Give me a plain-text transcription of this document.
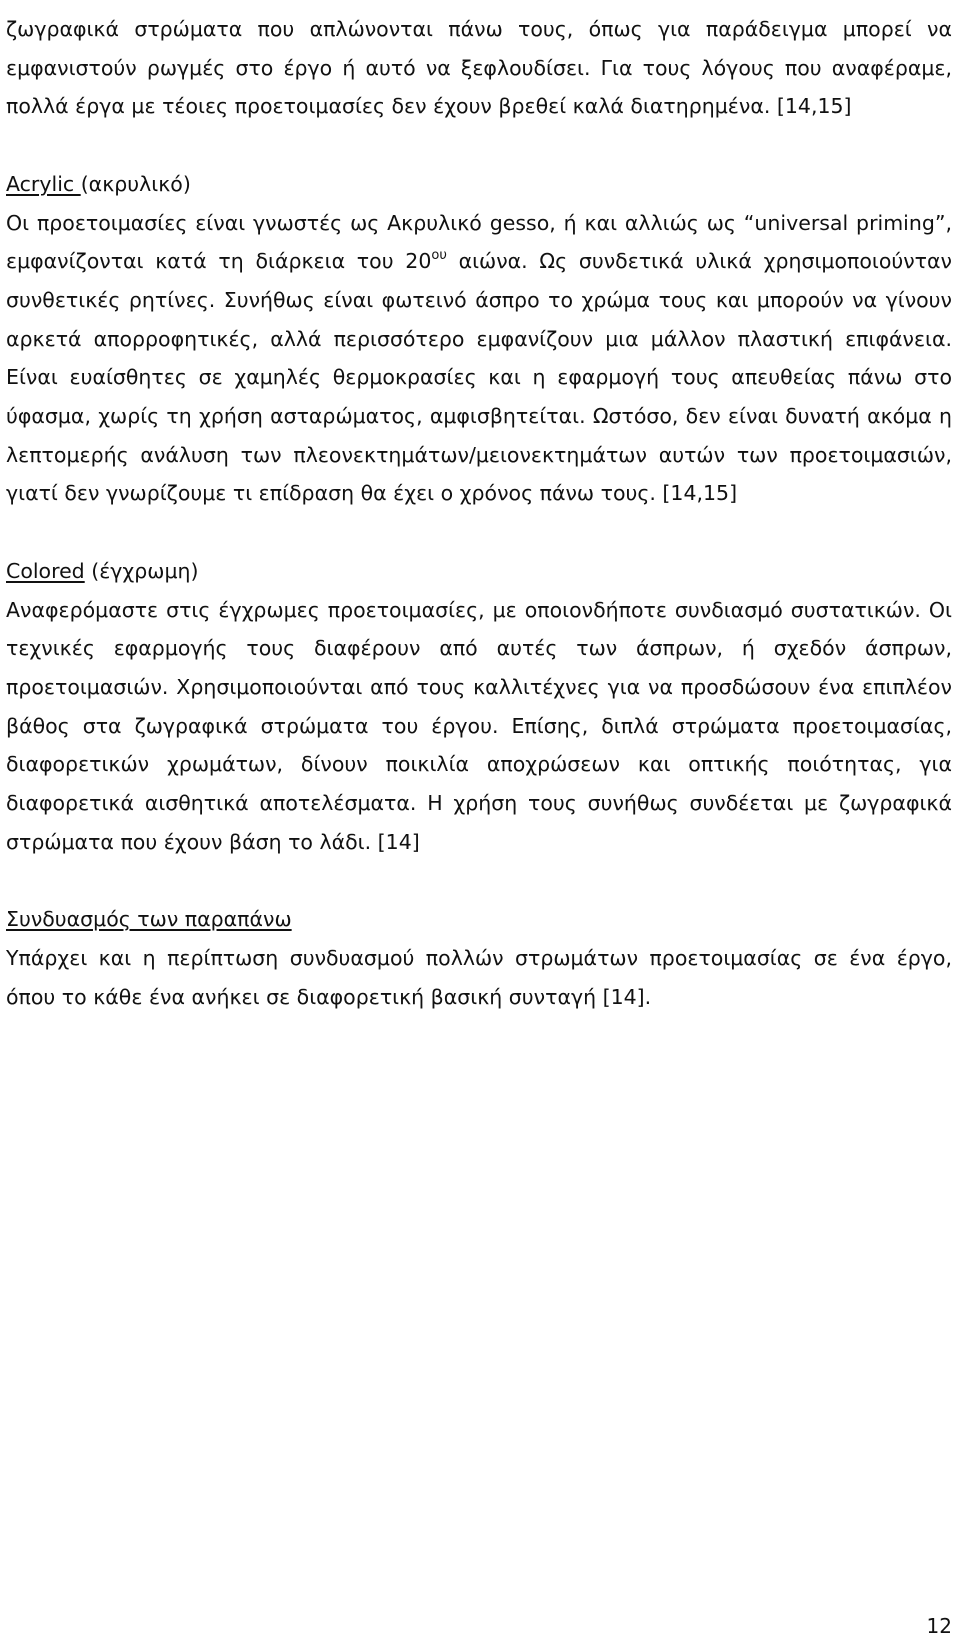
ζωγραφικά στρώματα που απλώνονται πάνω τους, όπως για παράδειγμα μπορεί να εμφανιστούν ρωγμές στο έργο ή αυτό να ξεφλουδίσει. Για τους λόγους που αναφέραμε, πολλά έργα με τέοιες προετοιμασίες δεν έχουν βρεθεί καλά διατηρημένα. [14,15]

Acrylic (ακρυλικό)

Οι προετοιμασίες είναι γνωστές ως Ακρυλικό gesso, ή και αλλιώς ως “universal priming”, εμφανίζονται κατά τη διάρκεια του $20^{o\upsilon}$ αιώνα. Ως συνδετικά υλικά χρησιμοποιούνταν συνθετικές ρητίνες. Συνήθως είναι φωτεινό άσπρο το χρώμα τους και μπορούν να γίνουν αρκετά απορροφητικές, αλλά περισσότερο εμφανίζουν μια μάλλον πλαστική επιφάνεια. Είναι ευαίσθητες σε χαμηλές θερμοκρασίες και η εφαρμογή τους απευθείας πάνω στο ύφασμα, χωρίς τη χρήση ασταρώματος, αμφισβητείται. Ωστόσο, δεν είναι δυνατή ακόμα η λεπτομερής ανάλυση των πλεονεκτημάτων/μειονεκτημάτων αυτών των προετοιμασιών, γιατί δεν γνωρίζουμε τι επίδραση θα έχει ο χρόνος πάνω τους. [14,15]

Colored (έγχρωμη)

Αναφερόμαστε στις έγχρωμες προετοιμασίες, με οποιονδήποτε συνδιασμό συστατικών. Οι τεχνικές εφαρμογής τους διαφέρουν από αυτές των άσπρων, ή σχεδόν άσπρων, προετοιμασιών. Χρησιμοποιούνται από τους καλλιτέχνες για να προσδώσουν ένα επιπλέον βάθος στα ζωγραφικά στρώματα του έργου. Επίσης, διπλά στρώματα προετοιμασίας, διαφορετικών χρωμάτων, δίνουν ποικιλία αποχρώσεων και οπτικής ποιότητας, για διαφορετικά αισθητικά αποτελέσματα. Η χρήση τους συνήθως συνδέεται με ζωγραφικά στρώματα που έχουν βάση το λάδι. [14]

Συνδυασμός των παραπάνω

Υπάρχει και η περίπτωση συνδυασμού πολλών στρωμάτων προετοιμασίας σε ένα έργο, όπου το κάθε ένα ανήκει σε διαφορετική βασική συνταγή [14].

12
